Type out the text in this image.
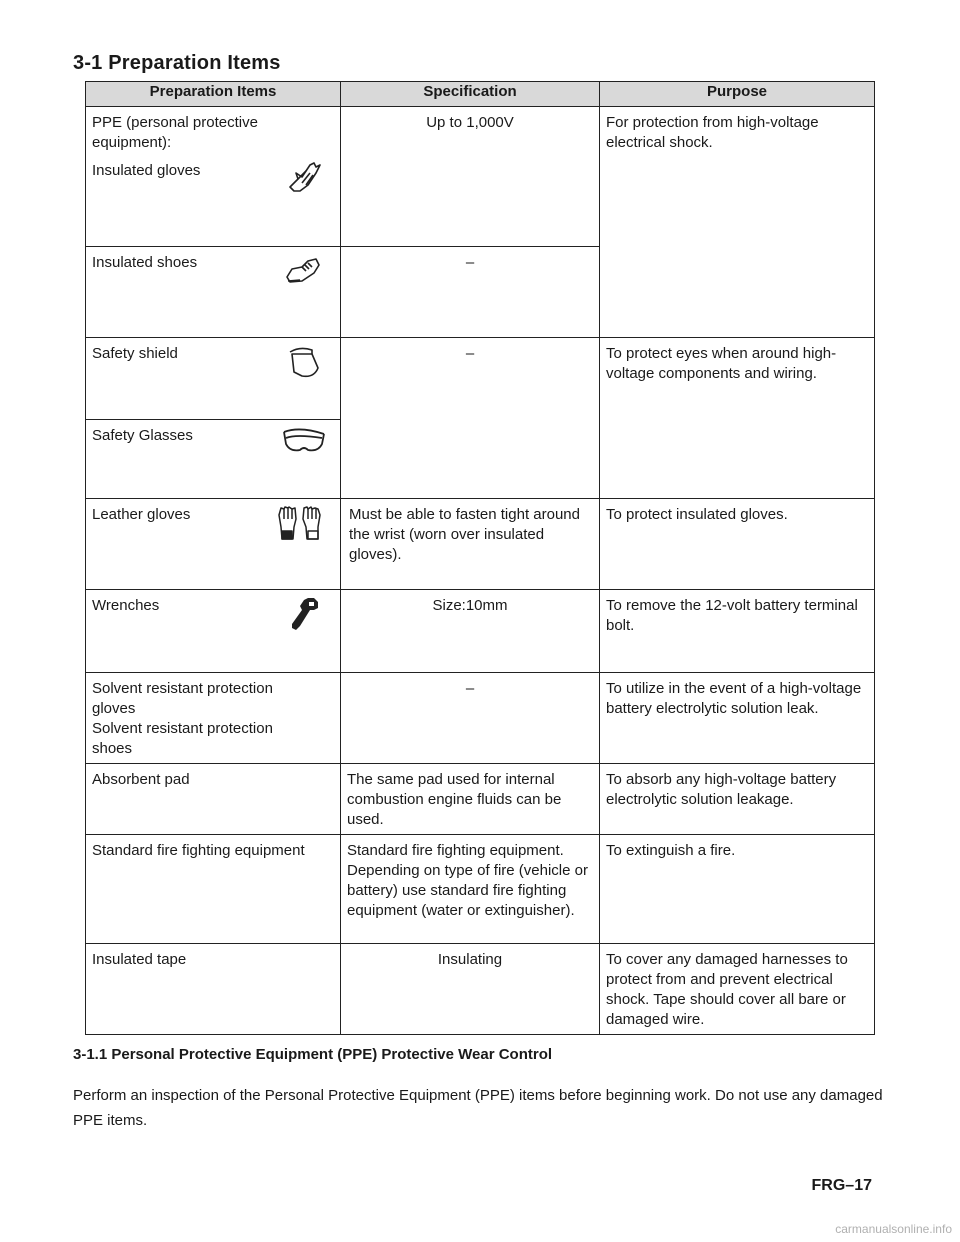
3-1 Preparation Items
Preparation Items	Specification	Purpose

PPE (personal protective equipment):
Insulated gloves	Up to 1,000V	For protection from high-voltage electrical shock.

Insulated shoes	–	

Safety shield	–	To protect eyes when around high-voltage components and wiring.

Safety Glasses		

Leather gloves	Must be able to fasten tight around the wrist (worn over insulated gloves).	To protect insulated gloves.

Wrenches	Size:10mm	To remove the 12-volt battery terminal bolt.

Solvent resistant protection gloves
Solvent resistant protection shoes	–	To utilize in the event of a high-voltage battery electrolytic solution leak.
Absorbent pad	The same pad used for internal combustion engine fluids can be used.	To absorb any high-voltage battery electrolytic solution leakage.
Standard fire fighting equipment	Standard fire fighting equipment. Depending on type of fire (vehicle or battery) use standard fire fighting equipment (water or extinguisher).	To extinguish a fire.
Insulated tape	Insulating	To cover any damaged harnesses to protect from and prevent electrical shock. Tape should cover all bare or damaged wire.
3-1.1 Personal Protective Equipment (PPE) Protective Wear Control
Perform an inspection of the Personal Protective Equipment (PPE) items before beginning work. Do not use any damaged PPE items.
FRG–17
carmanualsonline.info
